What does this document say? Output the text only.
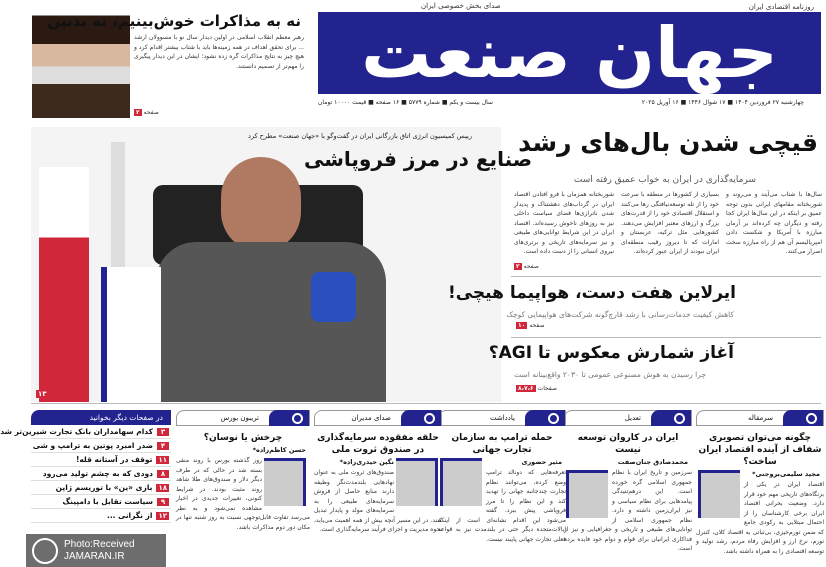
صدای بخش خصوصی ایران	روزنامه اقتصادی ایران
جهان صنعت
چهارشنبه ۲۷ فروردین ۱۴۰۴ ■ ۱۷ شوال ۱۴۴۶ ■ ۱۶ آوریل ۲۰۲۵
سال بیست و یکم ■ شماره ۵۷۷۹ ■ ۱۶ صفحه ■ قیمت ۱۰۰۰۰ تومان
نه به مذاکرات خوش‌بینیم، نه بدبین
رهبر معظم انقلاب اسلامی در اولین دیدار سال نو با مسوولان ارشد ... برای تحقق اهداف در همه زمینه‌ها باید با شتاب بیشتر اقدام کرد و هیچ چیز به نتایج مذاکرات گره زده نشود؛ ایشان در این دیدار پیگیری را مهم‌تر از تصمیم دانستند.
صفحه۲
رییس کمیسیون انرژی اتاق بازرگانی ایران در گفت‌وگو با «جهان صنعت» مطرح کرد
صنایع در مرز فروپاشی
۱۳
قیچی شدن بال‌های رشد
سرمایه‌گذاری در ایران به خواب عمیق رفته است
سال‌ها با شتاب می‌آیند و می‌روند و شوربختانه مقامهای ایرانی بدون توجه عمیق بر اینکه در این سال‌ها ایران کجا رفته و دیگران چه کرده‌اند بر آرمان مبارزه با آمریکا و شکست دادن امپریالیسم آن هم از راه مبارزه سخت اصرار می‌کنند.
بسیاری از کشورها در منطقه با سرعت خود را از تله توسعه‌نیافتگی رها می‌کنند و استقلال اقتصادی خود را از قدرت‌های بزرگ و ارزهای معتبر افزایش می‌دهند. کشورهایی مثل ترکیه، عربستان و امارات که تا دیروز رقیب منطقه‌ای ایران نبودند از ایران عبور کرده‌اند.
شوربختانه همزمان با فرو افتادن اقتصاد ایران در گرداب‌های دهشتناک و پدیدار شدن ناترازی‌ها فضای سیاست داخلی نیز به روزهای ناخوش رسیده‌اند. اقتصاد ایران در این شرایط توانایی‌های طبیعی و نیز سرمایه‌های تاریخی و برتری‌های نیروی انسانی را از دست داده است.
صفحه۲
ایرلاین هفت دست، هواپیما هیچی!
کاهش کیفیت خدمات‌رسانی با رشد قارچ‌گونه شرکت‌های هواپیمایی کوچک
صفحه۱۰
آغاز شمارش معکوس تا AGI؟
چرا رسیدن به هوش مصنوعی عمومی تا ۲۰۳۰ واقع‌بینانه است
صفحات۸،۷،۶
سرمقاله
چگونه می‌توان تصویری شفاف از آینده اقتصاد ایران ساخت؟
مجید سلیمی‌بروجنی*
اقتصاد ایران در یکی از بزنگاه‌های تاریخی مهم خود قرار دارد. وضعیت بحرانی اقتصاد ایران برخی کارشناسان را از احتمال مبتلایی به رکودی جامع که ضمن تورم‌خیزی، بی‌ثباتی به اقتصاد کلان، کنترل تورم، نرخ ارز و افزایش رفاه مردم، رشد تولید و توسعه اقتصادی را به همراه داشته باشد.
تعدیل
ایران در کاروان توسعه نیست
محمدصادق جنان‌صفت
سرزمین و تاریخ ایران با نظام جمهوری اسلامی گره خورده است. این درهم‌تنیدگی پیامدهایی برای نظام سیاسی و نیز ایران‌زمین داشته و دارد. نظام جمهوری اسلامی از توانایی‌های طبیعی و تاریخی و جغرافیایی و نیز از فداکاری ایرانیان برای قوام و دوام خود فایده برده است.
یادداشت
حمله ترامپ به سازمان تجارت جهانی
مثیر حضوری
تعرفه‌هایی که دونالد ترامپ وضع کرده، می‌توانند نظام تجارت چندجانبه جهانی را تهدید کند و این نظام را تا مرز فروپاشی پیش ببرد. گفته می‌شود این اقدام نشانه‌ای است از اینکه ایالات‌متحده دیگر حتی در بلندمدت نیز به قواعد فعلی تجارت جهانی پایبند نیست.
صدای مدیران
حلقه مفقوده سرمایه‌گذاری در صندوق ثروت ملی
نگین حیدری‌زاده*
صندوق‌های ثروت ملی به عنوان نهادهایی بلندمدت‌نگر وظیفه دارند منابع حاصل از فروش سرمایه‌های طبیعی را به سرمایه‌های مولد و پایدار تبدیل کنند. در این مسیر آنچه بیش از همه اهمیت می‌یابد، نحوه مدیریت و اجرای فرآیند سرمایه‌گذاری است.
تریبون بورس
چرخش یا نوسان؟
حسن کاظم‌زاده*
روز گذشته بورس با روند منفی بسته شد در حالی که در طرف دیگر دلار و صندوق‌های طلا شاهد روند مثبت بودند. در شرایط کنونی، تغییرات جدیدی در اخبار مشاهده نمی‌شود و به نظر می‌رسد تفاوت قابل‌توجهی نسبت به روز شنبه تنها در مکان دور دوم مذاکرات باشد.
در صفحات دیگر بخوانید
۳
کدام سهامداران بانک تجارت شیرین‌تر شد
۴
ضدر امبرد پوتین به ترامپ و شی
۱۱
توقف در آستانه قله!
۸
دودی که به چشم تولید می‌رود
۱۸
بازی «ین» با توریسم ژاپن
۹
سیاست تقابل با دامپینگ
۱۲
از نگرانی ...
Photo:Received
JAMARAN.IR
